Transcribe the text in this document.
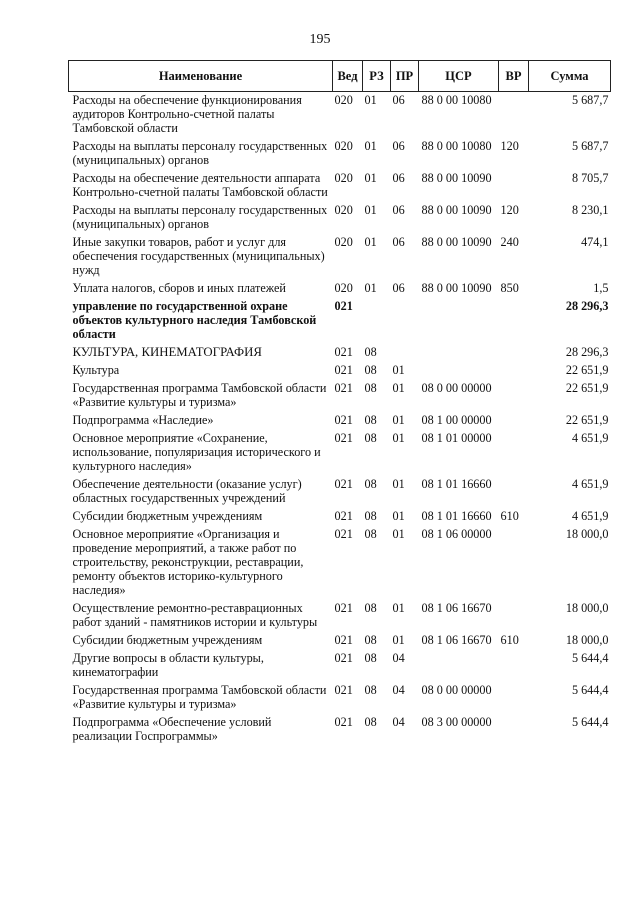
195
Наименование	Вед	РЗ	ПР	ЦСР	ВР	Сумма
Расходы на обеспечение функционирования аудиторов Контрольно-счетной палаты Тамбовской области	020	01	06	88 0 00 10080		5 687,7
Расходы на выплаты персоналу государственных (муниципальных) органов	020	01	06	88 0 00 10080	120	5 687,7
Расходы на обеспечение деятельности аппарата Контрольно-счетной палаты Тамбовской области	020	01	06	88 0 00 10090		8 705,7
Расходы на выплаты персоналу государственных (муниципальных) органов	020	01	06	88 0 00 10090	120	8 230,1
Иные закупки товаров, работ и услуг для обеспечения государственных (муниципальных) нужд	020	01	06	88 0 00 10090	240	474,1
Уплата налогов, сборов и иных платежей	020	01	06	88 0 00 10090	850	1,5
управление по государственной охране объектов культурного наследия Тамбовской области	021					28 296,3
КУЛЬТУРА, КИНЕМАТОГРАФИЯ	021	08				28 296,3
Культура	021	08	01			22 651,9
Государственная программа Тамбовской области «Развитие культуры и туризма»	021	08	01	08 0 00 00000		22 651,9
Подпрограмма «Наследие»	021	08	01	08 1 00 00000		22 651,9
Основное мероприятие «Сохранение, использование, популяризация исторического и культурного наследия»	021	08	01	08 1 01 00000		4 651,9
Обеспечение деятельности (оказание услуг) областных государственных учреждений	021	08	01	08 1 01 16660		4 651,9
Субсидии бюджетным учреждениям	021	08	01	08 1 01 16660	610	4 651,9
Основное мероприятие «Организация и проведение мероприятий, а также работ по строительству, реконструкции, реставрации, ремонту объектов историко-культурного наследия»	021	08	01	08 1 06 00000		18 000,0
Осуществление ремонтно-реставрационных работ зданий - памятников истории и культуры	021	08	01	08 1 06 16670		18 000,0
Субсидии бюджетным учреждениям	021	08	01	08 1 06 16670	610	18 000,0
Другие вопросы в области культуры, кинематографии	021	08	04			5 644,4
Государственная программа Тамбовской области «Развитие культуры и туризма»	021	08	04	08 0 00 00000		5 644,4
Подпрограмма «Обеспечение условий реализации Госпрограммы»	021	08	04	08 3 00 00000		5 644,4
